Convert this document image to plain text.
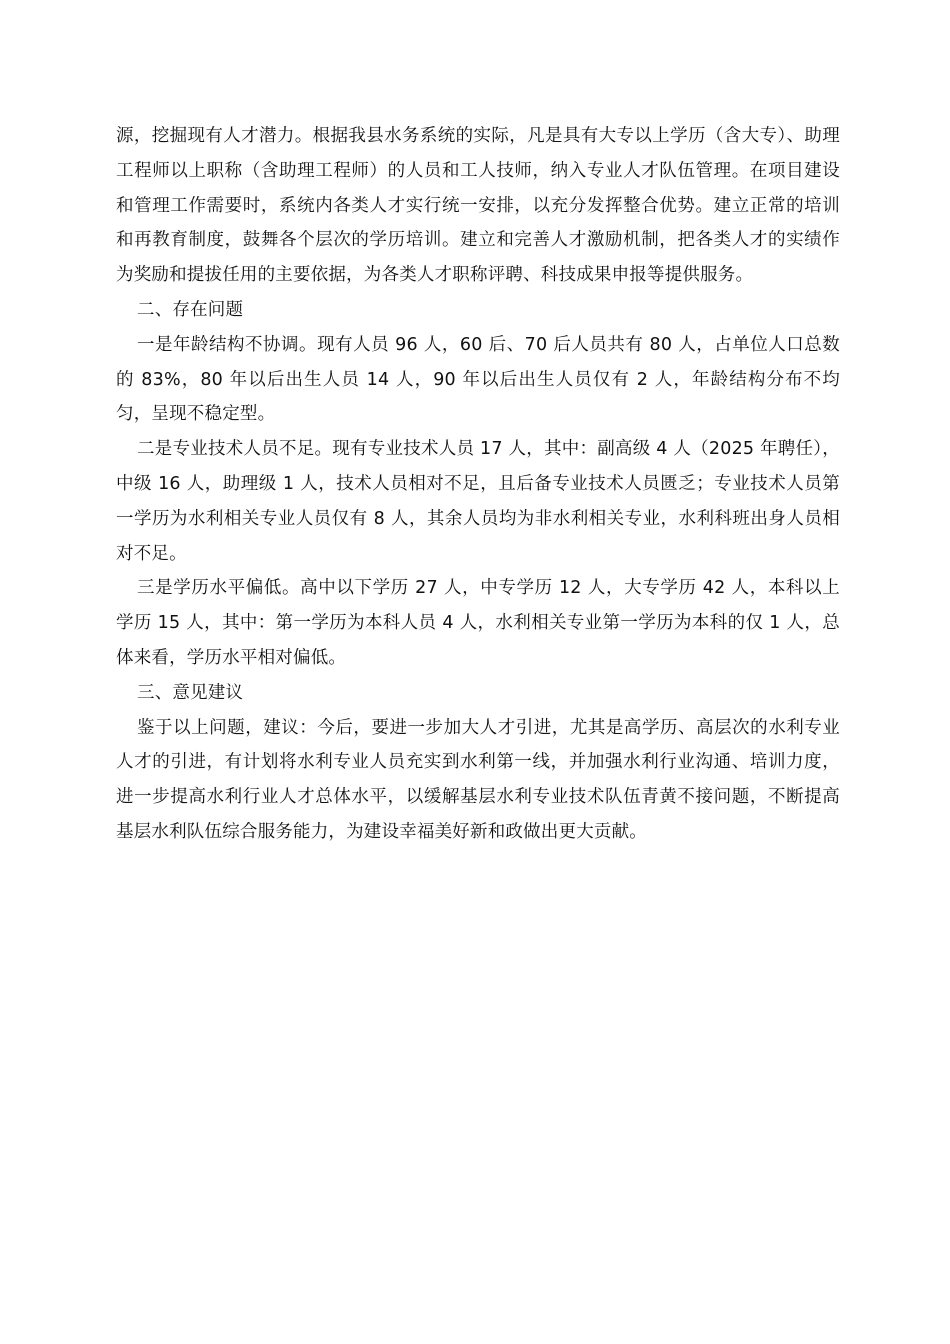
源，挖掘现有人才潜力。根据我县水务系统的实际，凡是具有大专以上学历（含大专）、助理工程师以上职称（含助理工程师）的人员和工人技师，纳入专业人才队伍管理。在项目建设和管理工作需要时，系统内各类人才实行统一安排，以充分发挥整合优势。建立正常的培训和再教育制度，鼓舞各个层次的学历培训。建立和完善人才激励机制，把各类人才的实绩作为奖励和提拔任用的主要依据，为各类人才职称评聘、科技成果申报等提供服务。

二、存在问题

一是年龄结构不协调。现有人员 96 人，60 后、70 后人员共有 80 人，占单位人口总数的 83%，80 年以后出生人员 14 人，90 年以后出生人员仅有 2 人，年龄结构分布不均匀，呈现不稳定型。

二是专业技术人员不足。现有专业技术人员 17 人，其中：副高级 4 人（2025 年聘任），中级 16 人，助理级 1 人，技术人员相对不足，且后备专业技术人员匮乏；专业技术人员第一学历为水利相关专业人员仅有 8 人，其余人员均为非水利相关专业，水利科班出身人员相对不足。

三是学历水平偏低。高中以下学历 27 人，中专学历 12 人，大专学历 42 人，本科以上学历 15 人，其中：第一学历为本科人员 4 人，水利相关专业第一学历为本科的仅 1 人，总体来看，学历水平相对偏低。

三、意见建议

鉴于以上问题，建议：今后，要进一步加大人才引进，尤其是高学历、高层次的水利专业人才的引进，有计划将水利专业人员充实到水利第一线，并加强水利行业沟通、培训力度，进一步提高水利行业人才总体水平，以缓解基层水利专业技术队伍青黄不接问题，不断提高基层水利队伍综合服务能力，为建设幸福美好新和政做出更大贡献。
